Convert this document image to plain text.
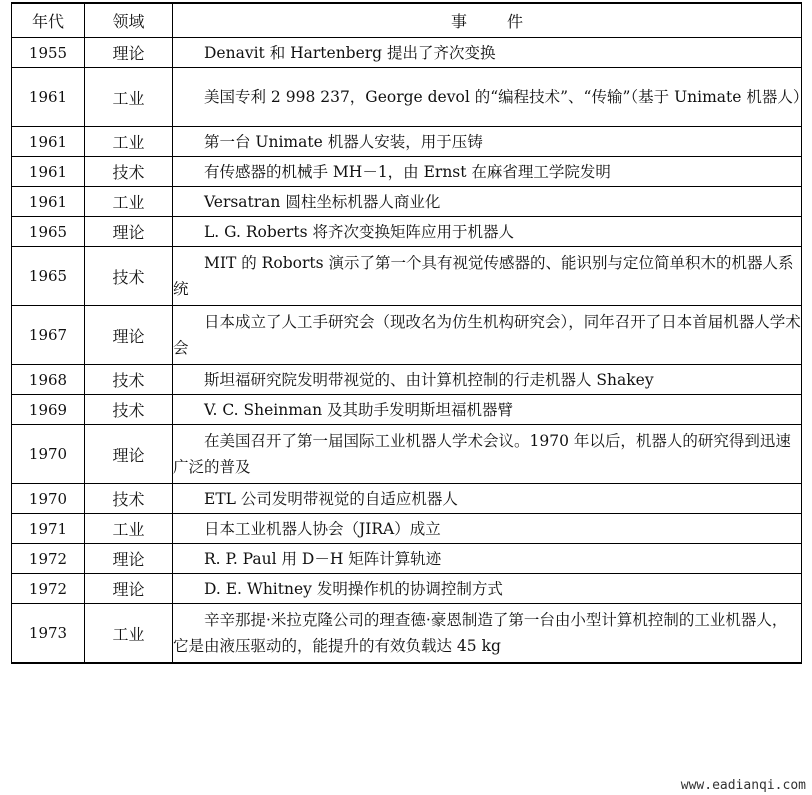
年代	领域	事件
1955	理论	Denavit 和 Hartenberg 提出了齐次变换
1961	工业	美国专利 2 998 237，George devol 的“编程技术”、“传输”（基于 Unimate 机器人）
1961	工业	第一台 Unimate 机器人安装，用于压铸
1961	技术	有传感器的机械手 MH－1，由 Ernst 在麻省理工学院发明
1961	工业	Versatran 圆柱坐标机器人商业化
1965	理论	L. G. Roberts 将齐次变换矩阵应用于机器人
1965	技术	MIT 的 Roborts 演示了第一个具有视觉传感器的、能识别与定位简单积木的机器人系统
1967	理论	日本成立了人工手研究会（现改名为仿生机构研究会），同年召开了日本首届机器人学术会
1968	技术	斯坦福研究院发明带视觉的、由计算机控制的行走机器人 Shakey
1969	技术	V. C. Sheinman 及其助手发明斯坦福机器臂
1970	理论	在美国召开了第一届国际工业机器人学术会议。1970 年以后，机器人的研究得到迅速广泛的普及
1970	技术	ETL 公司发明带视觉的自适应机器人
1971	工业	日本工业机器人协会（JIRA）成立
1972	理论	R. P. Paul 用 D－H 矩阵计算轨迹
1972	理论	D. E. Whitney 发明操作机的协调控制方式
1973	工业	辛辛那提·米拉克隆公司的理查德·豪恩制造了第一台由小型计算机控制的工业机器人，它是由液压驱动的，能提升的有效负载达 45 kg
www.eadianqi.com
